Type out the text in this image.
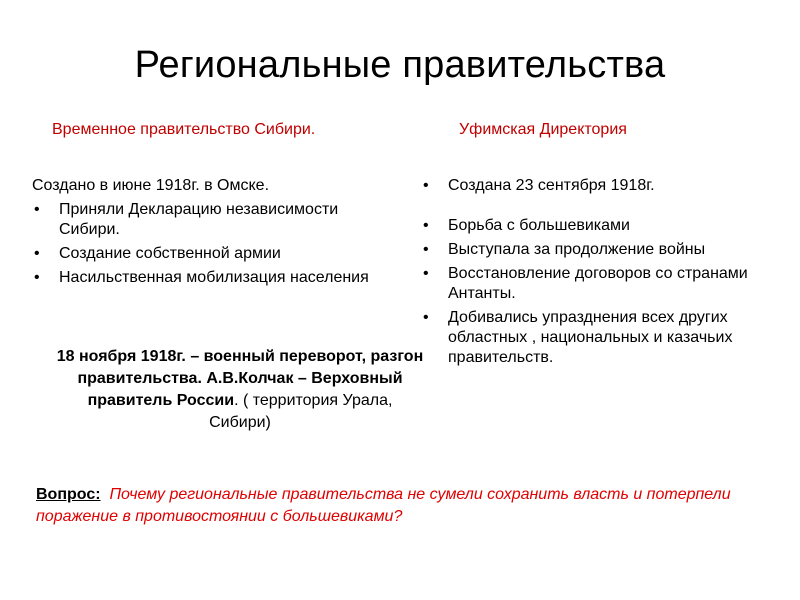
Региональные правительства
Временное правительство Сибири.	Уфимская Директория
Создано в июне 1918г. в Омске.
• Приняли Декларацию независимости Сибири.
• Создание собственной армии
• Насильственная мобилизация населения
18 ноября 1918г. – военный переворот, разгон правительства. А.В.Колчак – Верховный правитель России. ( территория Урала, Сибири)
• Создана 23 сентября 1918г.
• Борьба с большевиками
• Выступала за продолжение войны
• Восстановление договоров со странами Антанты.
• Добивались упразднения всех других областных , национальных и казачьих правительств.
Вопрос: Почему региональные правительства не сумели сохранить власть и потерпели поражение в противостоянии с большевиками?
